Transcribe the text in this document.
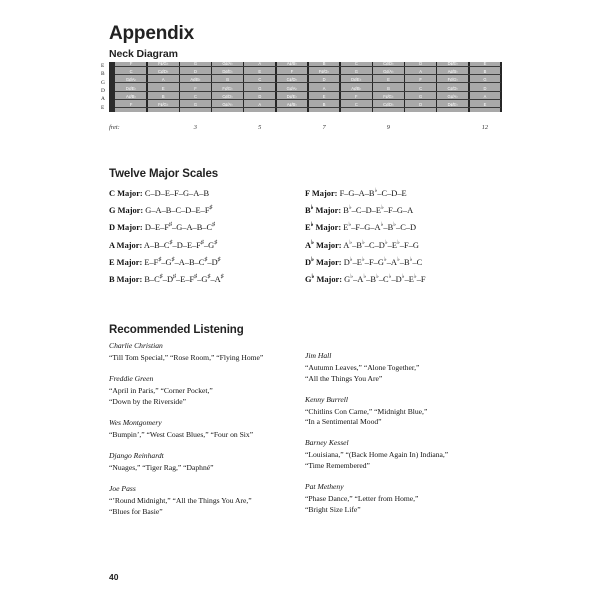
Appendix
Neck Diagram
E
B
G
D
A
E
F	F♯/G♭	G	G♯/A♭	A	A♯/B♭	B	C	C♯/D♭	D	D♯/E♭	E
C	C♯/D♭	D	D♯/E♭	E	F	F♯/G♭	G	G♯/A♭	A	A♯/B♭	B
G♯/A♭	A	A♯/B♭	B	C	C♯/D♭	D	D♯/E♭	E	F	F♯/G♭	G
D♯/E♭	E	F	F♯/G♭	G	G♯/A♭	A	A♯/B♭	B	C	C♯/D♭	D
A♯/B♭	B	C	C♯/D♭	D	D♯/E♭	E	F	F♯/G♭	G	G♯/A♭	A
F	F♯/G♭	G	G♯/A♭	A	A♯/B♭	B	C	C♯/D♭	D	D♯/E♭	E
fret:	3	5	7	9	12
Twelve Major Scales
C Major: C–D–E–F–G–A–B
G Major: G–A–B–C–D–E–F♯
D Major: D–E–F♯–G–A–B–C♯
A Major: A–B–C♯–D–E–F♯–G♯
E Major: E–F♯–G♯–A–B–C♯–D♯
B Major: B–C♯–D♯–E–F♯–G♯–A♯
F Major: F–G–A–B♭–C–D–E
B♭ Major: B♭–C–D–E♭–F–G–A
E♭ Major: E♭–F–G–A♭–B♭–C–D
A♭ Major: A♭–B♭–C–D♭–E♭–F–G
D♭ Major: D♭–E♭–F–G♭–A♭–B♭–C
G♭ Major: G♭–A♭–B♭–C♭–D♭–E♭–F
Recommended Listening
Charlie Christian
“Till Tom Special,” “Rose Room,” “Flying Home”
Freddie Green
“April in Paris,” “Corner Pocket,”
“Down by the Riverside”
Wes Montgomery
“Bumpin’,” “West Coast Blues,” “Four on Six”
Django Reinhardt
“Nuages,” “Tiger Rag,” “Daphné”
Joe Pass
“’Round Midnight,” “All the Things You Are,”
“Blues for Basie”
Jim Hall
“Autumn Leaves,” “Alone Together,”
“All the Things You Are”
Kenny Burrell
“Chitlins Con Carne,” “Midnight Blue,”
“In a Sentimental Mood”
Barney Kessel
“Louisiana,” “(Back Home Again In) Indiana,”
“Time Remembered”
Pat Metheny
“Phase Dance,” “Letter from Home,”
“Bright Size Life”
40
